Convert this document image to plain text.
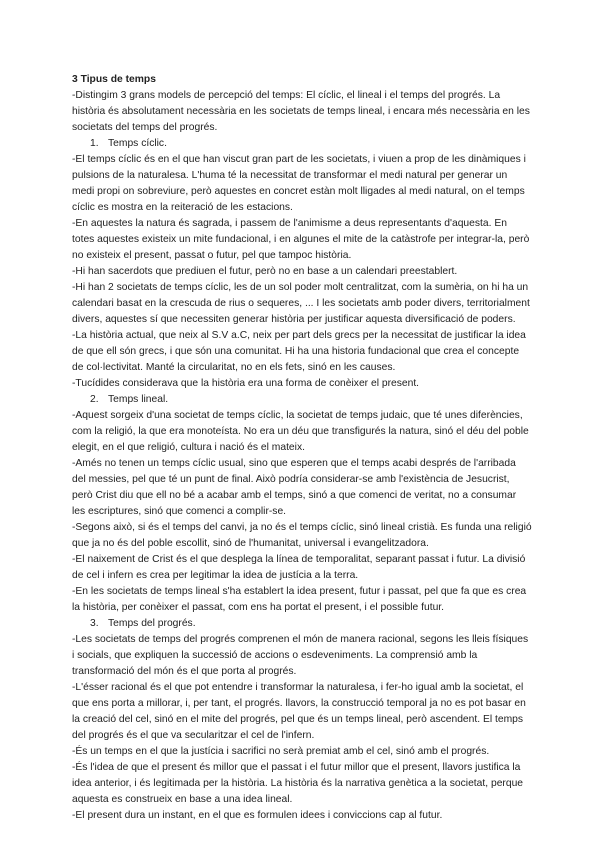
3 Tipus de temps

-Distingim 3 grans models de percepció del temps: El cíclic, el lineal i el temps del progrés. La història és absolutament necessària en les societats de temps lineal, i encara més necessària en les societats del temps del progrés.

1. Temps cíclic.

-El temps cíclic és en el que han viscut gran part de les societats, i viuen a prop de les dinàmiques i pulsions de la naturalesa. L'huma té la necessitat de transformar el medi natural per generar un medi propi on sobreviure, però aquestes en concret estàn molt lligades al medi natural, on el temps cíclic es mostra en la reiteració de les estacions.

-En aquestes la natura és sagrada, i passem de l'animisme a deus representants d'aquesta. En totes aquestes existeix un mite fundacional, i en algunes el mite de la catàstrofe per integrar-la, però no existeix el present, passat o futur, pel que tampoc història.

-Hi han sacerdots que prediuen el futur, però no en base a un calendari preestablert.

-Hi han 2 societats de temps cíclic, les de un sol poder molt centralitzat, com la sumèria, on hi ha un calendari basat en la crescuda de rius o sequeres, ... I les societats amb poder divers, territorialment divers, aquestes sí que necessiten generar història per justificar aquesta diversificació de poders.

-La història actual, que neix al S.V a.C, neix per part dels grecs per la necessitat de justificar la idea de que ell són grecs, i que són una comunitat. Hi ha una historia fundacional que crea el concepte de col·lectivitat. Manté la circularitat, no en els fets, sinó en les causes.

-Tucídides considerava que la història era una forma de conèixer el present.

2. Temps lineal.

-Aquest sorgeix d'una societat de temps cíclic, la societat de temps judaic, que té unes diferències, com la religió, la que era monoteísta. No era un déu que transfigurés la natura, sinó el déu del poble elegit, en el que religió, cultura i nació és el mateix.

-Amés no tenen un temps cíclic usual, sino que esperen que el temps acabi després de l'arribada del messies, pel que té un punt de final. Això podría considerar-se amb l'existència de Jesucrist, però Crist diu que ell no bé a acabar amb el temps, sinó a que comenci de veritat, no a consumar les escriptures, sinó que comenci a complir-se.

-Segons això, si és el temps del canvi, ja no és el temps cíclic, sinó lineal cristià. Es funda una religió que ja no és del poble escollit, sinó de l'humanitat, universal i evangelitzadora.

-El naixement de Crist és el que desplega la línea de temporalitat, separant passat i futur. La divisió de cel i infern es crea per legitimar la idea de justícia a la terra.

-En les societats de temps lineal s'ha establert la idea present, futur i passat, pel que fa que es crea la història, per conèixer el passat, com ens ha portat el present, i el possible futur.

3. Temps del progrés.

-Les societats de temps del progrés comprenen el món de manera racional, segons les lleis físiques i socials, que expliquen la successió de accions o esdeveniments. La comprensió amb la transformació del món és el que porta al progrés.

-L'ésser racional és el que pot entendre i transformar la naturalesa, i fer-ho igual amb la societat, el que ens porta a millorar, i, per tant, el progrés. llavors, la construcció temporal ja no es pot basar en la creació del cel, sinó en el mite del progrés, pel que és un temps lineal, però ascendent. El temps del progrés és el que va secularitzar el cel de l'infern.

-És un temps en el que la justícia i sacrifici no serà premiat amb el cel, sinó amb el progrés.

-És l'idea de que el present és millor que el passat i el futur millor que el present, llavors justifica la idea anterior, i és legitimada per la història. La història és la narrativa genètica a la societat, perque aquesta es construeix en base a una idea lineal.

-El present dura un instant, en el que es formulen idees i conviccions cap al futur.
